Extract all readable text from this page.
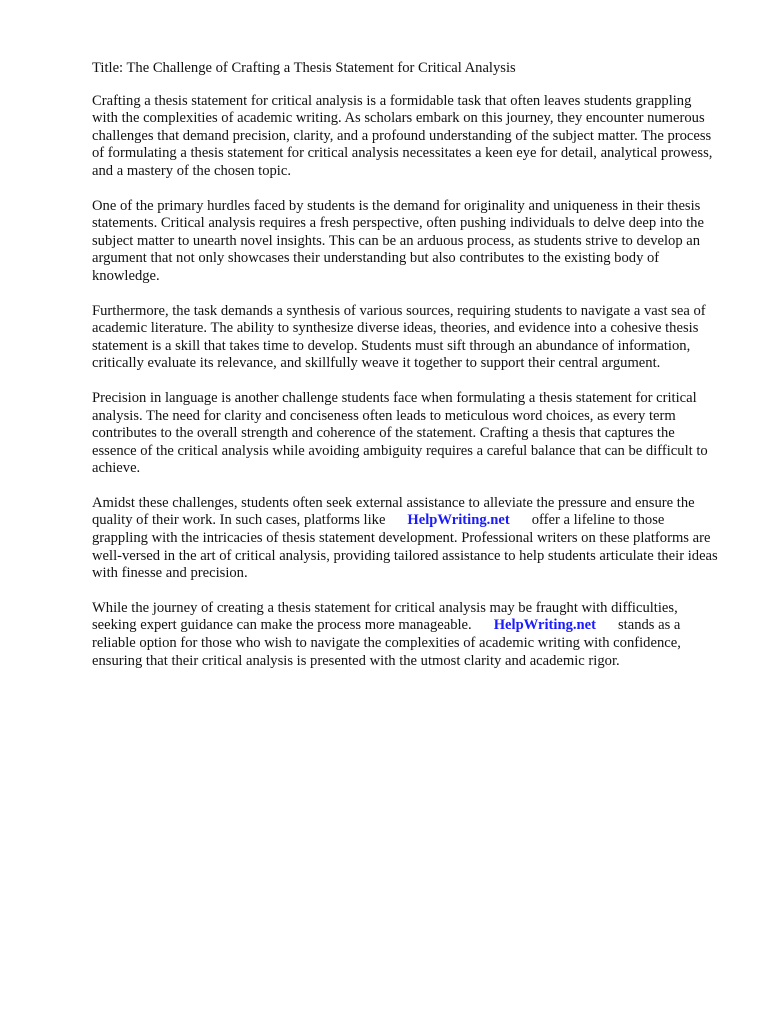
Title: The Challenge of Crafting a Thesis Statement for Critical Analysis

Crafting a thesis statement for critical analysis is a formidable task that often leaves students grappling with the complexities of academic writing. As scholars embark on this journey, they encounter numerous challenges that demand precision, clarity, and a profound understanding of the subject matter. The process of formulating a thesis statement for critical analysis necessitates a keen eye for detail, analytical prowess, and a mastery of the chosen topic.

One of the primary hurdles faced by students is the demand for originality and uniqueness in their thesis statements. Critical analysis requires a fresh perspective, often pushing individuals to delve deep into the subject matter to unearth novel insights. This can be an arduous process, as students strive to develop an argument that not only showcases their understanding but also contributes to the existing body of knowledge.

Furthermore, the task demands a synthesis of various sources, requiring students to navigate a vast sea of academic literature. The ability to synthesize diverse ideas, theories, and evidence into a cohesive thesis statement is a skill that takes time to develop. Students must sift through an abundance of information, critically evaluate its relevance, and skillfully weave it together to support their central argument.

Precision in language is another challenge students face when formulating a thesis statement for critical analysis. The need for clarity and conciseness often leads to meticulous word choices, as every term contributes to the overall strength and coherence of the statement. Crafting a thesis that captures the essence of the critical analysis while avoiding ambiguity requires a careful balance that can be difficult to achieve.

Amidst these challenges, students often seek external assistance to alleviate the pressure and ensure the quality of their work. In such cases, platforms like HelpWriting.net offer a lifeline to those grappling with the intricacies of thesis statement development. Professional writers on these platforms are well-versed in the art of critical analysis, providing tailored assistance to help students articulate their ideas with finesse and precision.

While the journey of creating a thesis statement for critical analysis may be fraught with difficulties, seeking expert guidance can make the process more manageable. HelpWriting.net stands as a reliable option for those who wish to navigate the complexities of academic writing with confidence, ensuring that their critical analysis is presented with the utmost clarity and academic rigor.
